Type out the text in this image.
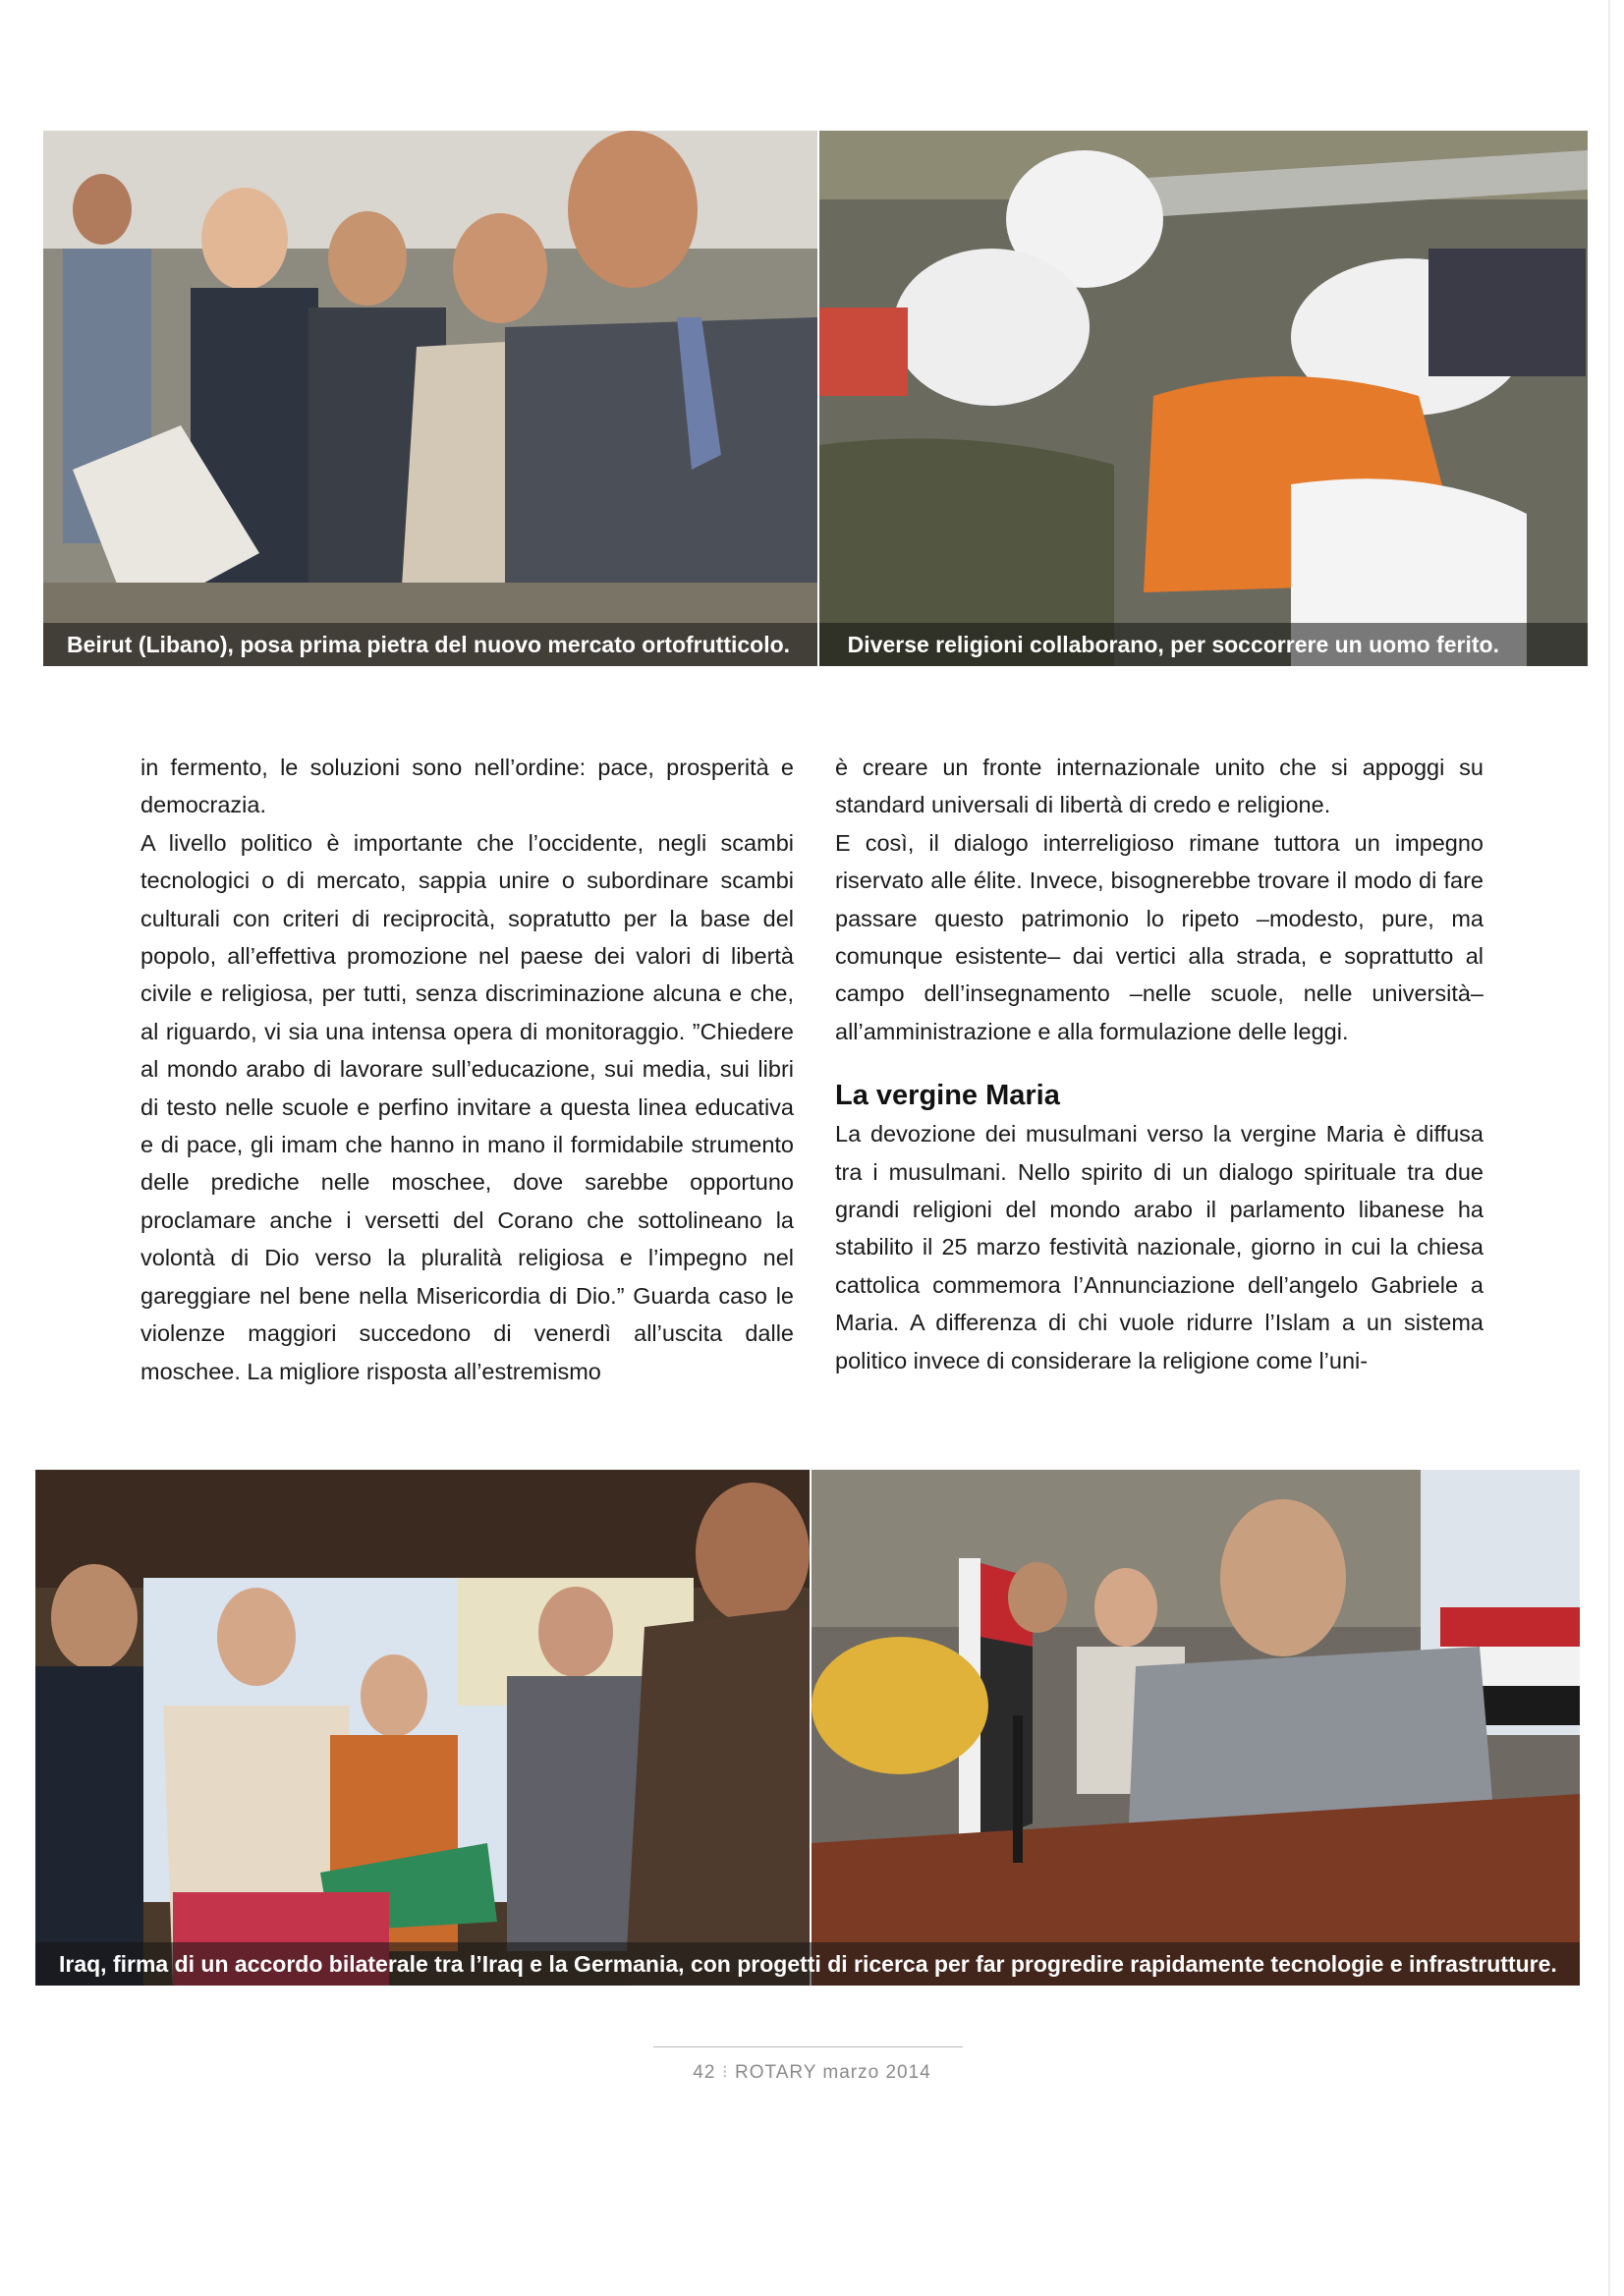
Beirut (Libano), posa prima pietra del nuovo mercato ortofrutticolo.	Diverse religioni collaborano, per soccorrere un uomo ferito.

in fermento, le soluzioni sono nell’ordine: pace, prosperità e democrazia.

A livello politico è importante che l’occidente, negli scambi tecnologici o di mercato, sappia unire o subordinare scambi culturali con criteri di reciprocità, sopratutto per la base del popolo, all’effettiva promozione nel paese dei valori di libertà civile e religiosa, per tutti, senza discriminazione alcuna e che, al riguardo, vi sia una intensa opera di monitoraggio. ”Chiedere al mondo arabo di lavorare sull’educazione, sui media, sui libri di testo nelle scuole e perfino invitare a questa linea educativa e di pace, gli imam che hanno in mano il formidabile strumento delle prediche nelle moschee, dove sarebbe opportuno proclamare anche i versetti del Corano che sottolineano la volontà di Dio verso la pluralità religiosa e l’impegno nel gareggiare nel bene nella Misericordia di Dio.” Guarda caso le violenze maggiori succedono di venerdì all’uscita dalle moschee. La migliore risposta all’estremismo

è creare un fronte internazionale unito che si appoggi su standard universali di libertà di credo e religione.

E così, il dialogo interreligioso rimane tuttora un impegno riservato alle élite. Invece, bisognerebbe trovare il modo di fare passare questo patrimonio lo ripeto –modesto, pure, ma comunque esistente– dai vertici alla strada, e soprattutto al campo dell’insegnamento –nelle scuole, nelle università– all’amministrazione e alla formulazione delle leggi.

La vergine Maria

La devozione dei musulmani verso la vergine Maria è diffusa tra i musulmani. Nello spirito di un dialogo spirituale tra due grandi religioni del mondo arabo il parlamento libanese ha stabilito il 25 marzo festività nazionale, giorno in cui la chiesa cattolica commemora l’Annunciazione dell’angelo Gabriele a Maria. A differenza di chi vuole ridurre l’Islam a un sistema politico invece di considerare la religione come l’uni-

Iraq, firma di un accordo bilaterale tra l’Iraq e la Germania, con progetti di ricerca per far progredire rapidamente tecnologie e infrastrutture.
42 ⁝ ROTARY marzo 2014
